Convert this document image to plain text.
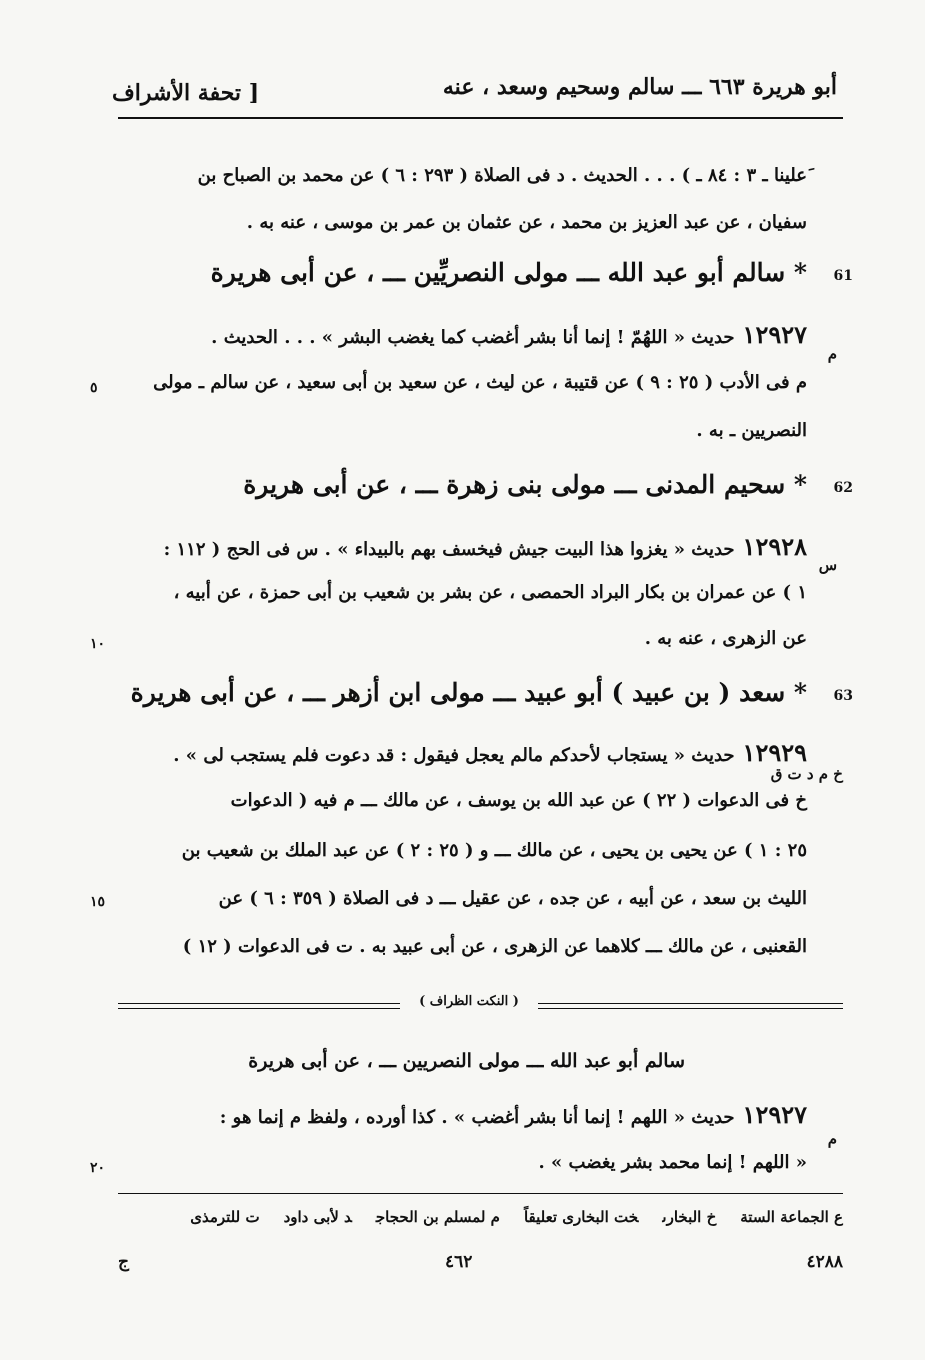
أبو هريرة ٦٦٣ ـــ سالم وسحيم وسعد ، عنه
[ تحفة الأشراف
َعلينا ـ ٣ : ٨٤ ـ ) . . . الحديث . د فى الصلاة ( ٢٩٣ : ٦ ) عن محمد بن الصباح بن
سفيان ، عن عبد العزيز بن محمد ، عن عثمان بن عمر بن موسى ، عنه به .
61
* سالم أبو عبد الله ـــ مولى النصريِّين ـــ ، عن أبى هريرة
١٢٩٢٧حديث « اللهُمّ ! إنما أنا بشر أغضب كما يغضب البشر » . . . الحديث .
م
م فى الأدب ( ٢٥ : ٩ ) عن قتيبة ، عن ليث ، عن سعيد بن أبى سعيد ، عن سالم ـ مولى
النصريين ـ به .
62
* سحيم المدنى ـــ مولى بنى زهرة ـــ ، عن أبى هريرة
١٢٩٢٨حديث « يغزوا هذا البيت جيش فيخسف بهم بالبيداء » . س فى الحج ( ١١٢ :
س
١ ) عن عمران بن بكار البراد الحمصى ، عن بشر بن شعيب بن أبى حمزة ، عن أبيه ،
عن الزهرى ، عنه به .
63
* سعد ( بن عبيد ) أبو عبيد ـــ مولى ابن أزهر ـــ ، عن أبى هريرة
١٢٩٢٩حديث « يستجاب لأحدكم مالم يعجل فيقول : قد دعوت فلم يستجب لى » .
خ م د ت ق
خ فى الدعوات ( ٢٢ ) عن عبد الله بن يوسف ، عن مالك ـــ م فيه ( الدعوات
٢٥ : ١ ) عن يحيى بن يحيى ، عن مالك ـــ و ( ٢٥ : ٢ ) عن عبد الملك بن شعيب بن
الليث بن سعد ، عن أبيه ، عن جده ، عن عقيل ـــ د فى الصلاة ( ٣٥٩ : ٦ ) عن
القعنبى ، عن مالك ـــ كلاهما عن الزهرى ، عن أبى عبيد به . ت فى الدعوات ( ١٢ )
٥
١٠
١٥
٢٠
( النكت الظراف )
سالم أبو عبد الله ـــ مولى النصريين ـــ ، عن أبى هريرة
١٢٩٢٧حديث « اللهم ! إنما أنا بشر أغضب » . كذا أورده ، ولفظ م إنما هو :
م
« اللهم ! إنما محمد بشر يغضب » .
ع الجماعة الستةخ البخارىخت البخارى تعليقاًم لمسلم بن الحجاجد لأبى داودت للترمذى
ج	٤٦٢	٤٢٨٨
